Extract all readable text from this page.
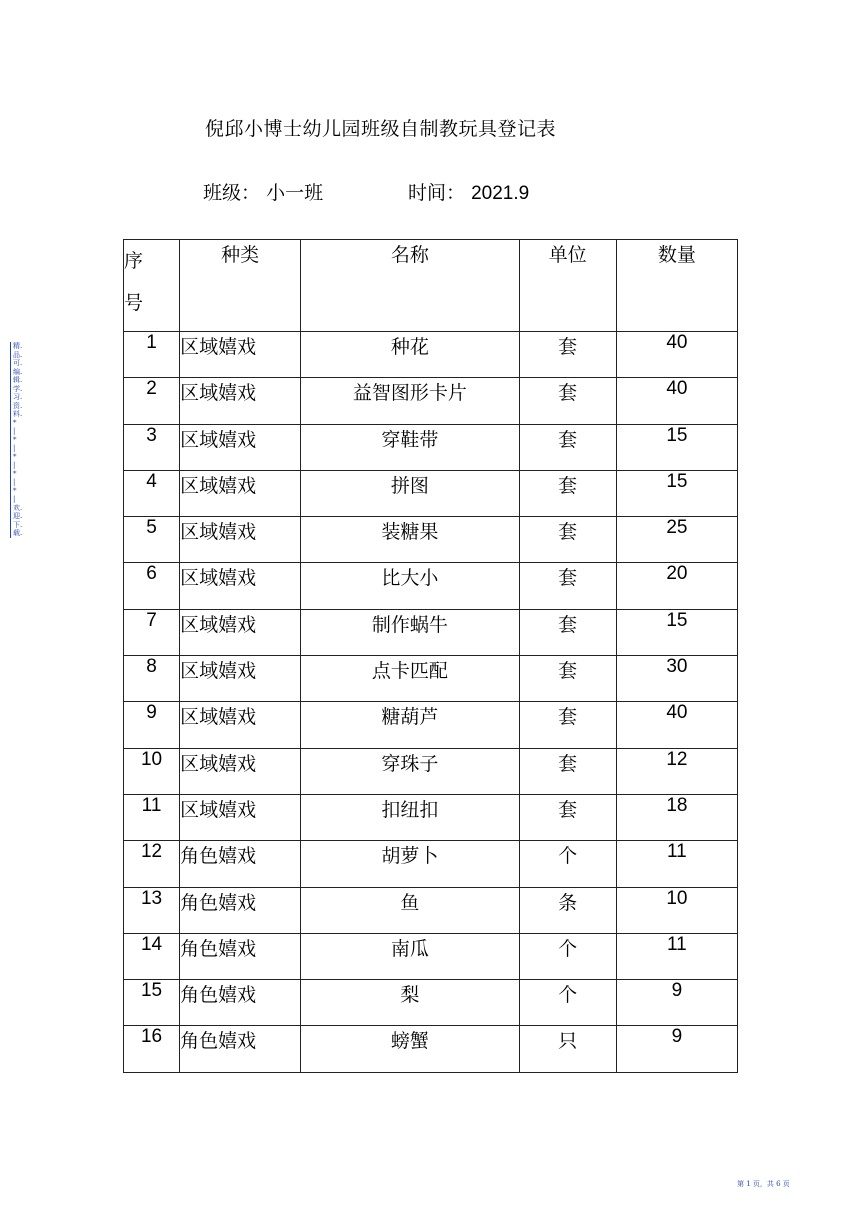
倪邱小博士幼儿园班级自制教玩具登记表
班级： 小一班	时间： 2021.9
精.
品.
可.
编.
辑.
学.
习.
资.
料.
*
|
*
|
*
|
*
|
*
|
欢.
迎.
下.
载.
序
号	种类	名称	单位	数量
1	区域嬉戏	种花	套	40
2	区域嬉戏	益智图形卡片	套	40
3	区域嬉戏	穿鞋带	套	15
4	区域嬉戏	拼图	套	15
5	区域嬉戏	装糖果	套	25
6	区域嬉戏	比大小	套	20
7	区域嬉戏	制作蜗牛	套	15
8	区域嬉戏	点卡匹配	套	30
9	区域嬉戏	糖葫芦	套	40
10	区域嬉戏	穿珠子	套	12
11	区域嬉戏	扣纽扣	套	18
12	角色嬉戏	胡萝卜	个	11
13	角色嬉戏	鱼	条	10
14	角色嬉戏	南瓜	个	11
15	角色嬉戏	梨	个	9
16	角色嬉戏	螃蟹	只	9
第 1 页，共 6 页
